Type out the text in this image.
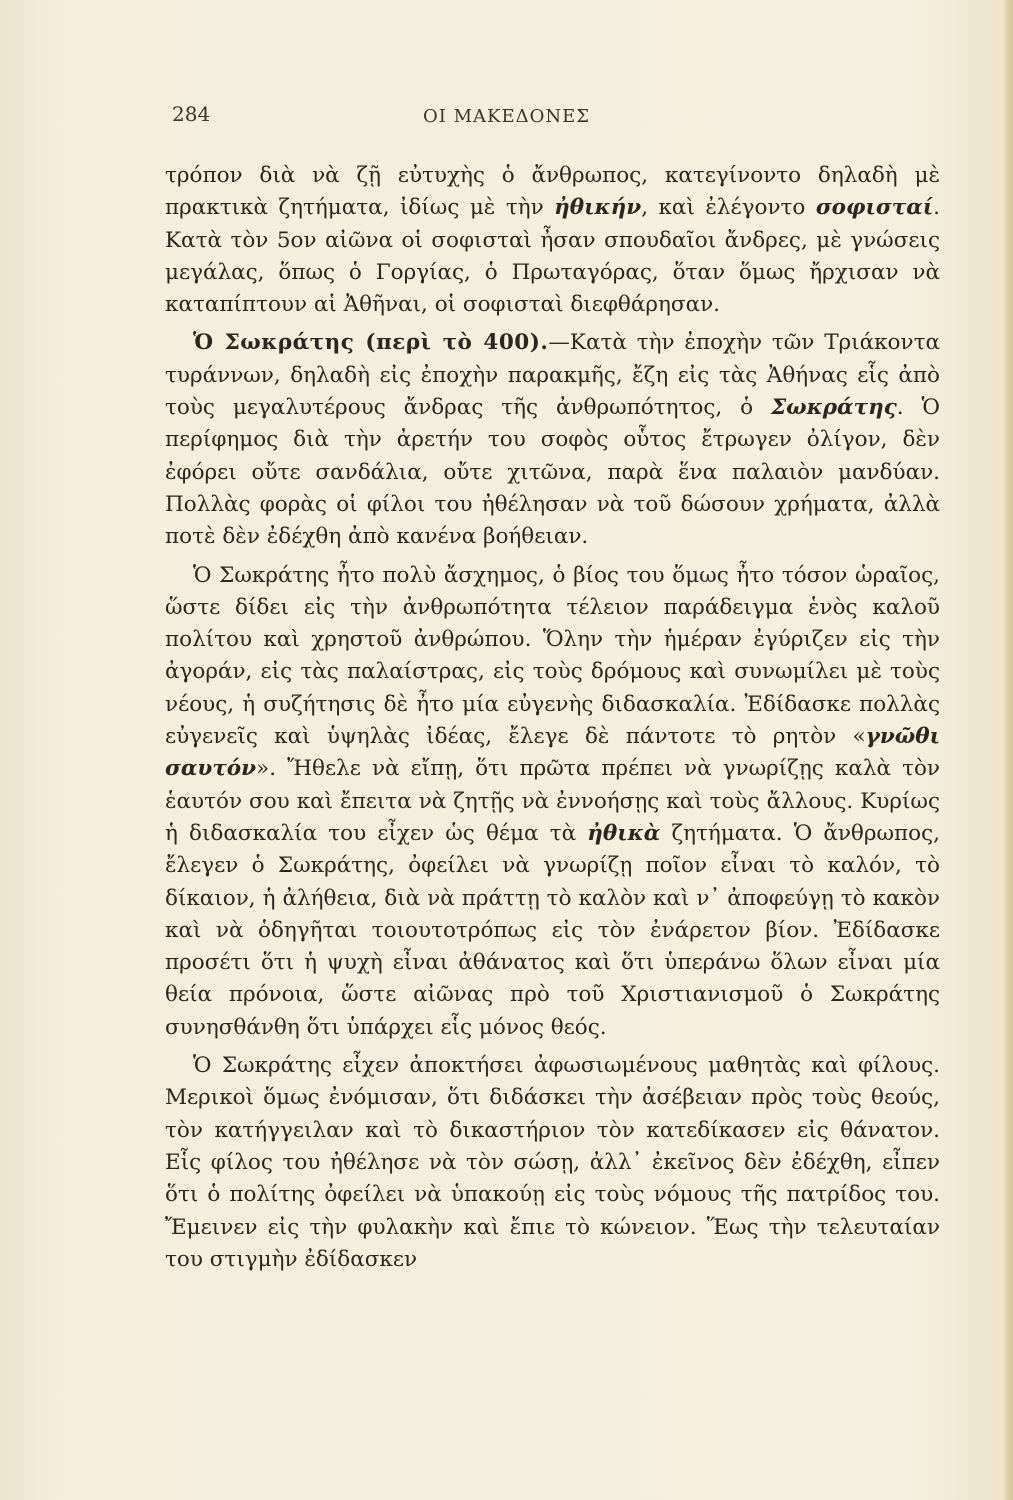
284	ΟΙ ΜΑΚΕΔΟΝΕΣ

τρόπον διὰ νὰ ζῇ εὐτυχὴς ὁ ἄνθρωπος, κατεγίνοντο δηλαδὴ μὲ πρακτικὰ ζητήματα, ἰδίως μὲ τὴν ἠθικήν, καὶ ἐλέγοντο σοφισταί. Κατὰ τὸν 5ον αἰῶνα οἱ σοφισταὶ ἦσαν σπουδαῖοι ἄνδρες, μὲ γνώσεις μεγάλας, ὅπως ὁ Γοργίας, ὁ Πρωταγόρας, ὅταν ὅμως ἤρχισαν νὰ καταπίπτουν αἱ Ἀθῆναι, οἱ σοφισταὶ διεφθάρησαν.

Ὁ Σωκράτης (περὶ τὸ 400).—Κατὰ τὴν ἐποχὴν τῶν Τριάκοντα τυράννων, δηλαδὴ εἰς ἐποχὴν παρακμῆς, ἔζη εἰς τὰς Ἀθήνας εἷς ἀπὸ τοὺς μεγαλυτέρους ἄνδρας τῆς ἀνθρωπότητος, ὁ Σωκράτης. Ὁ περίφημος διὰ τὴν ἀρετήν του σοφὸς οὗτος ἔτρωγεν ὀλίγον, δὲν ἐφόρει οὔτε σανδάλια, οὔτε χιτῶνα, παρὰ ἕνα παλαιὸν μανδύαν. Πολλὰς φορὰς οἱ φίλοι του ἠθέλησαν νὰ τοῦ δώσουν χρήματα, ἀλλὰ ποτὲ δὲν ἐδέχθη ἀπὸ κανένα βοήθειαν.

Ὁ Σωκράτης ἦτο πολὺ ἄσχημος, ὁ βίος του ὅμως ἦτο τόσον ὡραῖος, ὥστε δίδει εἰς τὴν ἀνθρωπότητα τέλειον παράδειγμα ἑνὸς καλοῦ πολίτου καὶ χρηστοῦ ἀνθρώπου. Ὅλην τὴν ἡμέραν ἐγύριζεν εἰς τὴν ἀγοράν, εἰς τὰς παλαίστρας, εἰς τοὺς δρόμους καὶ συνωμίλει μὲ τοὺς νέους, ἡ συζήτησις δὲ ἦτο μία εὐγενὴς διδασκαλία. Ἐδίδασκε πολλὰς εὐγενεῖς καὶ ὑψηλὰς ἰδέας, ἔλεγε δὲ πάντοτε τὸ ρητὸν «γνῶθι σαυτόν». Ἤθελε νὰ εἴπῃ, ὅτι πρῶτα πρέπει νὰ γνωρίζῃς καλὰ τὸν ἑαυτόν σου καὶ ἔπειτα νὰ ζητῇς νὰ ἐννοήσῃς καὶ τοὺς ἄλλους. Κυρίως ἡ διδασκαλία του εἶχεν ὡς θέμα τὰ ἠθικὰ ζητήματα. Ὁ ἄνθρωπος, ἔλεγεν ὁ Σωκράτης, ὀφείλει νὰ γνωρίζῃ ποῖον εἶναι τὸ καλόν, τὸ δίκαιον, ἡ ἀλήθεια, διὰ νὰ πράττῃ τὸ καλὸν καὶ ν᾿ ἀποφεύγῃ τὸ κακὸν καὶ νὰ ὁδηγῆται τοιουτοτρόπως εἰς τὸν ἐνάρετον βίον. Ἐδίδασκε προσέτι ὅτι ἡ ψυχὴ εἶναι ἀθάνατος καὶ ὅτι ὑπεράνω ὅλων εἶναι μία θεία πρόνοια, ὥστε αἰῶνας πρὸ τοῦ Χριστιανισμοῦ ὁ Σωκράτης συνησθάνθη ὅτι ὑπάρχει εἷς μόνος θεός.

Ὁ Σωκράτης εἶχεν ἀποκτήσει ἀφωσιωμένους μαθητὰς καὶ φίλους. Μερικοὶ ὅμως ἐνόμισαν, ὅτι διδάσκει τὴν ἀσέβειαν πρὸς τοὺς θεούς, τὸν κατήγγειλαν καὶ τὸ δικαστήριον τὸν κατεδίκασεν εἰς θάνατον. Εἷς φίλος του ἠθέλησε νὰ τὸν σώσῃ, ἀλλ᾿ ἐκεῖνος δὲν ἐδέχθη, εἶπεν ὅτι ὁ πολίτης ὀφείλει νὰ ὑπακούῃ εἰς τοὺς νόμους τῆς πατρίδος του. Ἔμεινεν εἰς τὴν φυλακὴν καὶ ἔπιε τὸ κώνειον. Ἕως τὴν τελευταίαν του στιγμὴν ἐδίδασκεν
